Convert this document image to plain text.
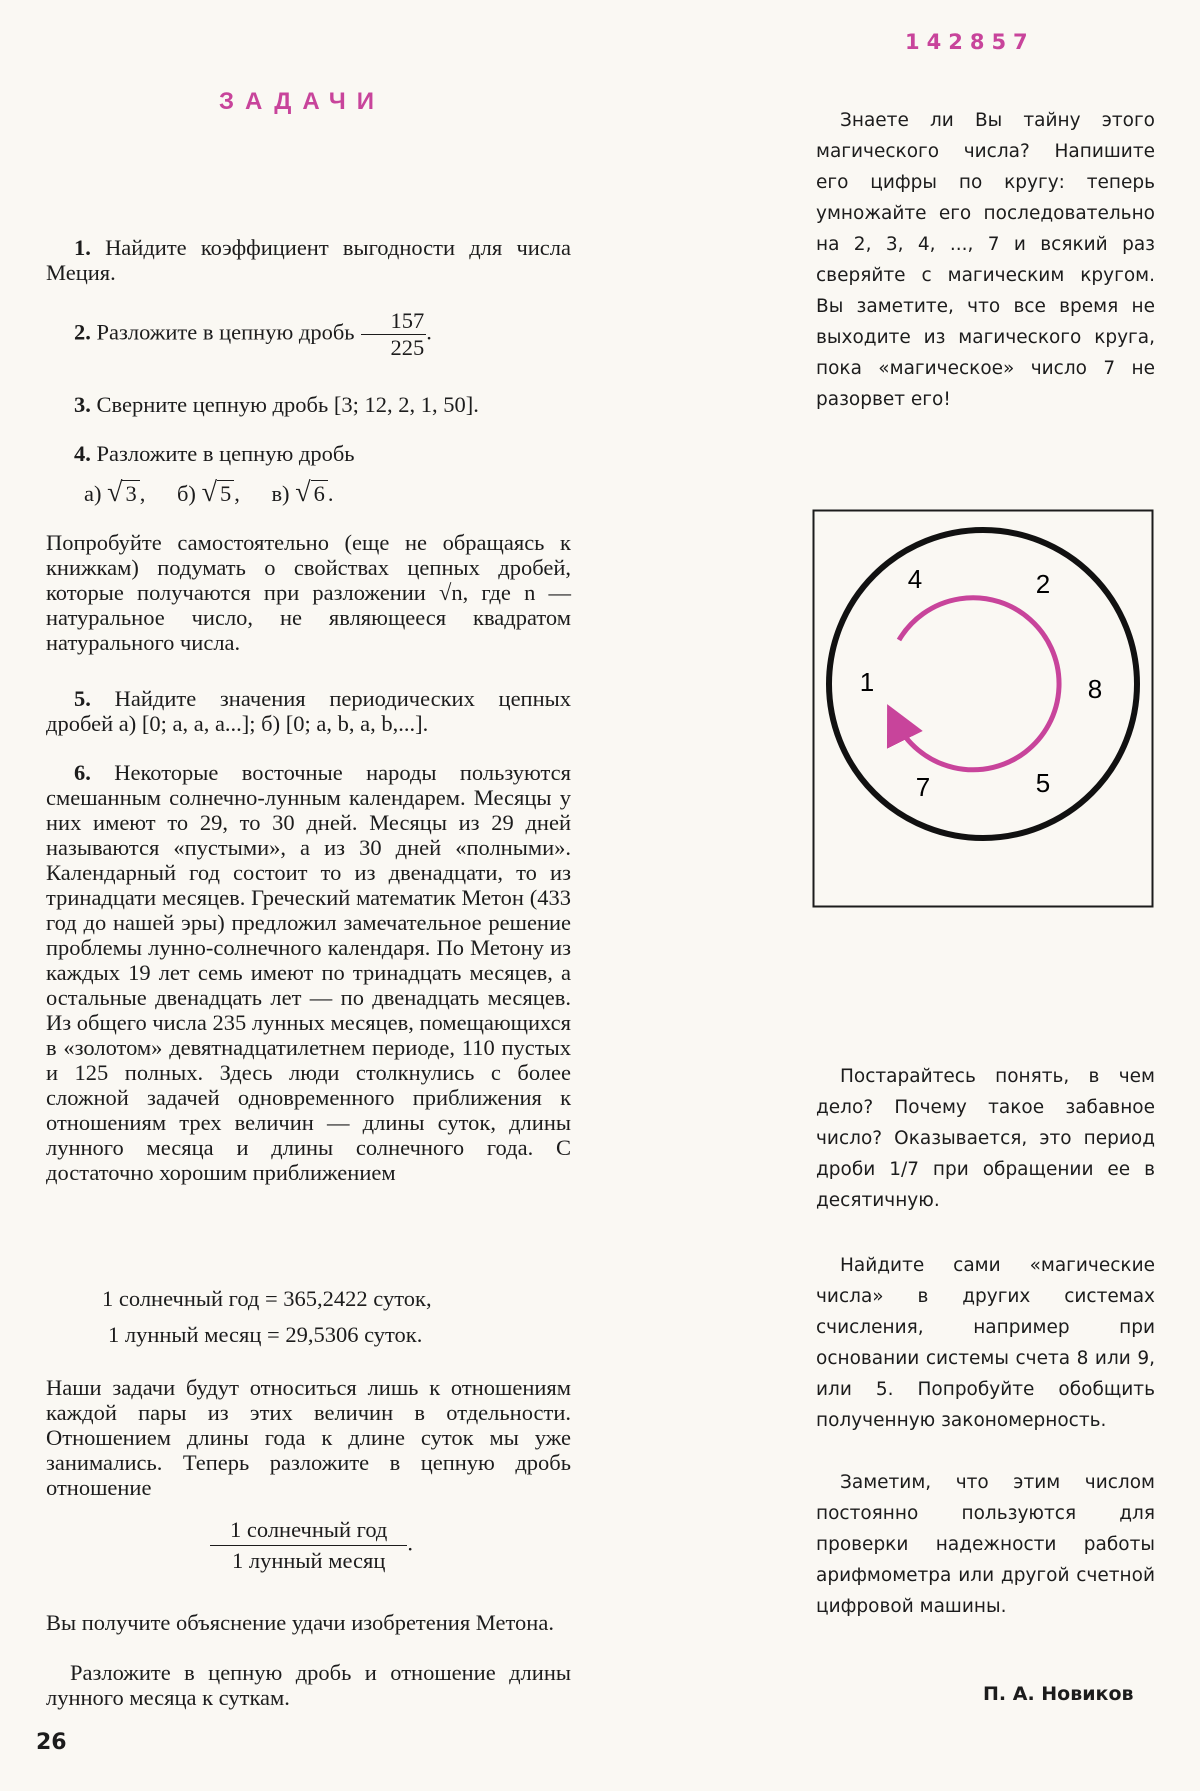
ЗАДАЧИ

1. Найдите коэффициент выгодности для числа Меция.

2. Разложите в цепную дробь $\frac{157}{225}$ .

3. Сверните цепную дробь [3; 12, 2, 1, 50].

4. Разложите в цепную дробь

а) √ 3 , б) √ 5 , в) √ 6 .

Попробуйте самостоятельно (еще не обращаясь к книжкам) подумать о свойствах цепных дробей, которые получаются при разложении √n, где n — натуральное число, не являющееся квадратом натурального числа.

5. Найдите значения периодических цепных дробей а) [0; a, a, a...]; б) [0; a, b, a, b,...].

6. Некоторые восточные народы пользуются смешанным солнечно-лунным календарем. Месяцы у них имеют то 29, то 30 дней. Месяцы из 29 дней называются «пустыми», а из 30 дней «полными». Календарный год состоит то из двенадцати, то из тринадцати месяцев. Греческий математик Метон (433 год до нашей эры) предложил замечательное решение проблемы лунно-солнечного календаря. По Метону из каждых 19 лет семь имеют по тринадцать месяцев, а остальные двенадцать лет — по двенадцать месяцев. Из общего числа 235 лунных месяцев, помещающихся в «золотом» девятнадцатилетнем периоде, 110 пустых и 125 полных. Здесь люди столкнулись с более сложной задачей одновременного приближения к отношениям трех величин — длины суток, длины лунного месяца и длины солнечного года. С достаточно хорошим приближением

1 солнечный год = 365,2422 суток,
1 лунный месяц = 29,5306 суток.

Наши задачи будут относиться лишь к отношениям каждой пары из этих величин в отдельности. Отношением длины года к длине суток мы уже занимались. Теперь разложите в цепную дробь отношение

1 солнечный год
1 лунный месяц
.

Вы получите объяснение удачи изобретения Метона.

Разложите в цепную дробь и отношение длины лунного месяца к суткам.

142857

Знаете ли Вы тайну этого магического числа? Напишите его цифры по кругу: теперь умножайте его последовательно на 2, 3, 4, ..., 7 и всякий раз сверяйте с магическим кругом. Вы заметите, что все время не выходите из магического круга, пока «магическое» число 7 не разорвет его!

Постарайтесь понять, в чем дело? Почему такое забавное число? Оказывается, это период дроби 1/7 при обращении ее в десятичную.

Найдите сами «магические числа» в других системах счисления, например при основании системы счета 8 или 9, или 5. Попробуйте обобщить полученную закономерность.

Заметим, что этим числом постоянно пользуются для проверки надежности работы арифмометра или другой счетной цифровой машины.

4	2
1	8
7	5
П. А. Новиков
26
